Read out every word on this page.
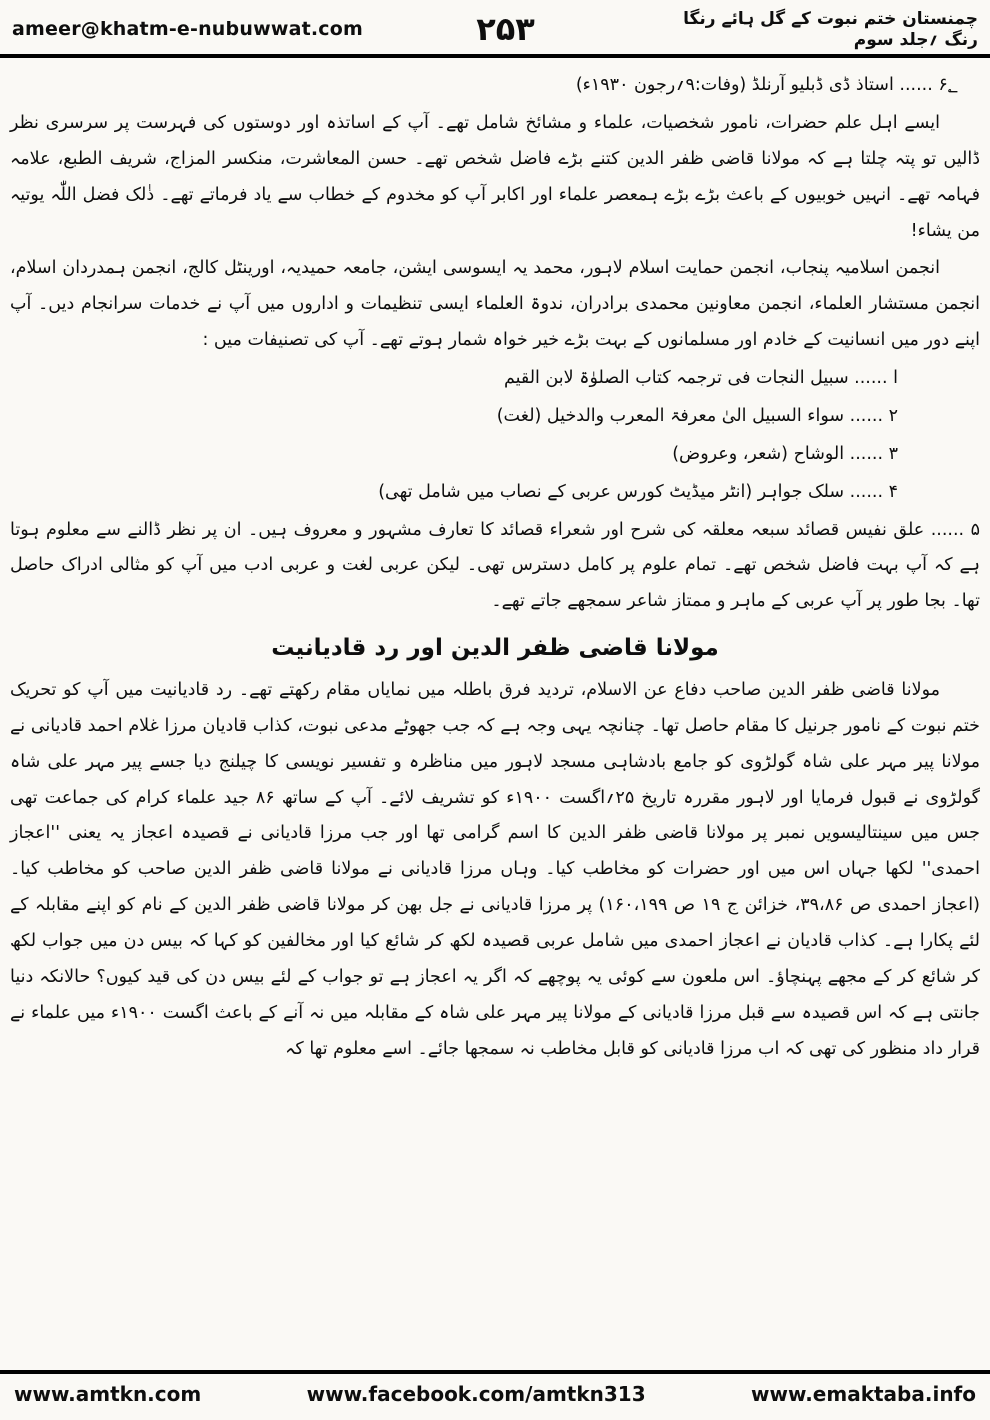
ameer@khatm-e-nubuwwat.com	۲۵۳	چمنستان ختم نبوت کے گل ہائے رنگا رنگ ؍جلد سوم
۶؂ ...... استاذ ڈی ڈبلیو آرنلڈ (وفات:۹؍رجون ۱۹۳۰ء)
ایسے اہل علم حضرات، نامور شخصیات، علماء و مشائخ شامل تھے۔ آپ کے اساتذہ اور دوستوں کی فہرست پر سرسری نظر ڈالیں تو پتہ چلتا ہے کہ مولانا قاضی ظفر الدین کتنے بڑے فاضل شخص تھے۔ حسن المعاشرت، منکسر المزاج، شریف الطبع، علامہ فہامہ تھے۔ انہیں خوبیوں کے باعث بڑے بڑے ہمعصر علماء اور اکابر آپ کو مخدوم کے خطاب سے یاد فرماتے تھے۔ ذٰلک فضل اللّٰہ یوتیہ من یشاء!
انجمن اسلامیہ پنجاب، انجمن حمایت اسلام لاہور، محمد یہ ایسوسی ایشن، جامعہ حمیدیہ، اورینٹل کالج، انجمن ہمدردان اسلام، انجمن مستشار العلماء، انجمن معاونین محمدی برادران، ندوۃ العلماء ایسی تنظیمات و اداروں میں آپ نے خدمات سرانجام دیں۔ آپ اپنے دور میں انسانیت کے خادم اور مسلمانوں کے بہت بڑے خیر خواہ شمار ہوتے تھے۔ آپ کی تصنیفات میں :
ا ...... سبیل النجات فی ترجمہ کتاب الصلوٰۃ لابن القیم
۲ ...... سواء السبیل الیٰ معرفۃ المعرب والدخیل (لغت)
۳ ...... الوشاح (شعر، وعروض)
۴ ...... سلک جواہر (انٹر میڈیٹ کورس عربی کے نصاب میں شامل تھی)
۵ ...... علق نفیس قصائد سبعہ معلقہ کی شرح اور شعراء قصائد کا تعارف مشہور و معروف ہیں۔ ان پر نظر ڈالنے سے معلوم ہوتا ہے کہ آپ بہت فاضل شخص تھے۔ تمام علوم پر کامل دسترس تھی۔ لیکن عربی لغت و عربی ادب میں آپ کو مثالی ادراک حاصل تھا۔ بجا طور پر آپ عربی کے ماہر و ممتاز شاعر سمجھے جاتے تھے۔
مولانا قاضی ظفر الدین اور رد قادیانیت
مولانا قاضی ظفر الدین صاحب دفاع عن الاسلام، تردید فرق باطلہ میں نمایاں مقام رکھتے تھے۔ رد قادیانیت میں آپ کو تحریک ختم نبوت کے نامور جرنیل کا مقام حاصل تھا۔ چنانچہ یہی وجہ ہے کہ جب جھوٹے مدعی نبوت، کذاب قادیان مرزا غلام احمد قادیانی نے مولانا پیر مہر علی شاہ گولڑوی کو جامع بادشاہی مسجد لاہور میں مناظرہ و تفسیر نویسی کا چیلنج دیا جسے پیر مہر علی شاہ گولڑوی نے قبول فرمایا اور لاہور مقررہ تاریخ ۲۵؍اگست ۱۹۰۰ء کو تشریف لائے۔ آپ کے ساتھ ۸۶ جید علماء کرام کی جماعت تھی جس میں سینتالیسویں نمبر پر مولانا قاضی ظفر الدین کا اسم گرامی تھا اور جب مرزا قادیانی نے قصیدہ اعجاز یہ یعنی ''اعجاز احمدی'' لکھا جہاں اس میں اور حضرات کو مخاطب کیا۔ وہاں مرزا قادیانی نے مولانا قاضی ظفر الدین صاحب کو مخاطب کیا۔ (اعجاز احمدی ص ۳۹،۸۶، خزائن ج ۱۹ ص ۱۶۰،۱۹۹) پر مرزا قادیانی نے جل بھن کر مولانا قاضی ظفر الدین کے نام کو اپنے مقابلہ کے لئے پکارا ہے۔ کذاب قادیان نے اعجاز احمدی میں شامل عربی قصیدہ لکھ کر شائع کیا اور مخالفین کو کہا کہ بیس دن میں جواب لکھ کر شائع کر کے مجھے پہنچاؤ۔ اس ملعون سے کوئی یہ پوچھے کہ اگر یہ اعجاز ہے تو جواب کے لئے بیس دن کی قید کیوں؟ حالانکہ دنیا جانتی ہے کہ اس قصیدہ سے قبل مرزا قادیانی کے مولانا پیر مہر علی شاہ کے مقابلہ میں نہ آنے کے باعث اگست ۱۹۰۰ء میں علماء نے قرار داد منظور کی تھی کہ اب مرزا قادیانی کو قابل مخاطب نہ سمجھا جائے۔ اسے معلوم تھا کہ
www.amtkn.com	www.facebook.com/amtkn313	www.emaktaba.info
